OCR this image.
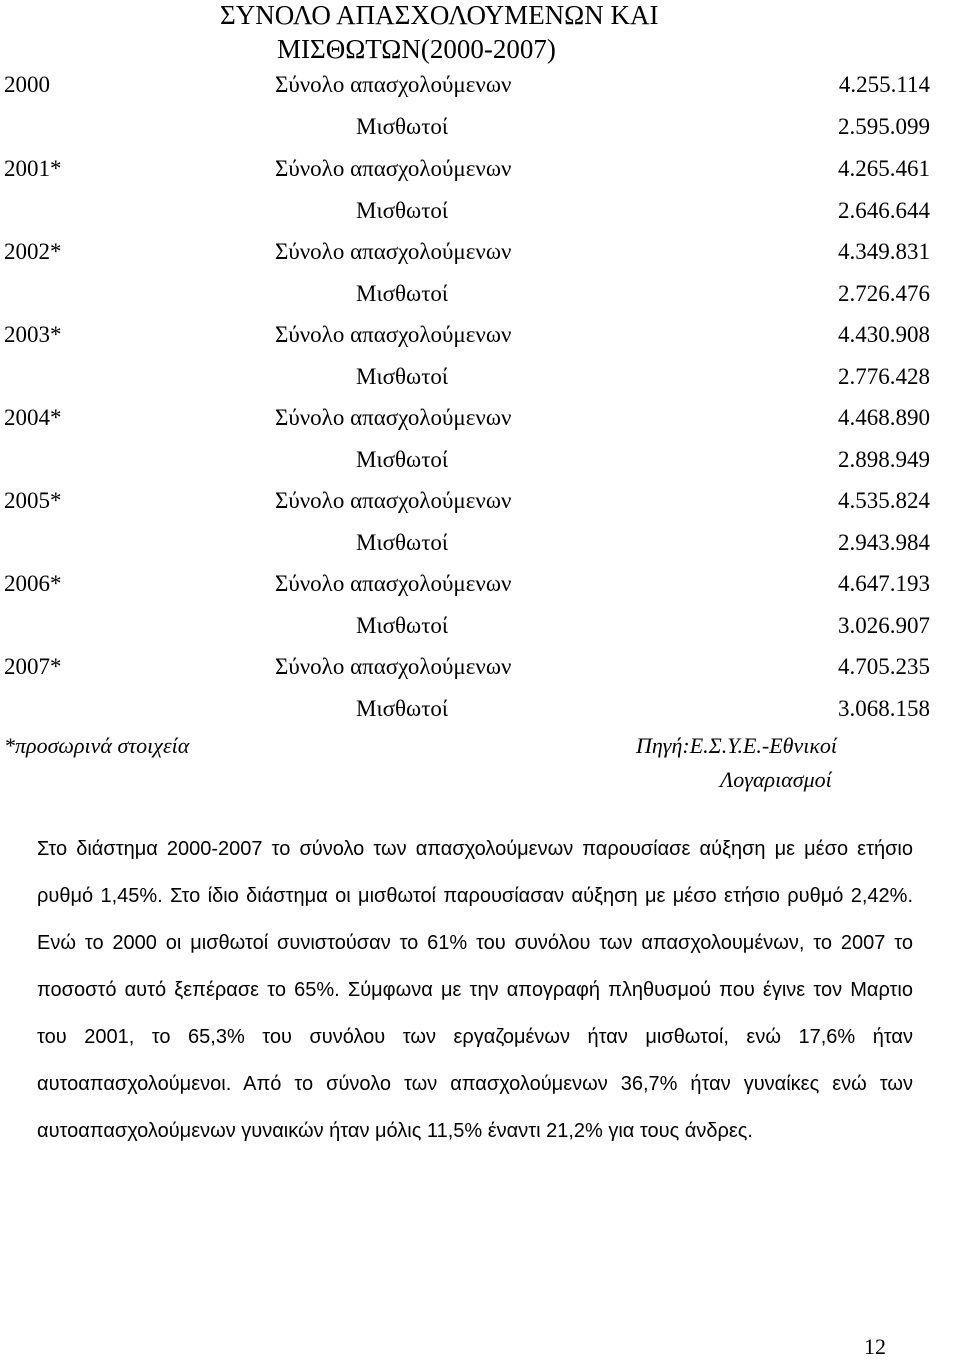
ΣΥΝΟΛΟ ΑΠΑΣΧΟΛΟΥΜΕΝΩΝ ΚΑΙ
ΜΙΣΘΩΤΩΝ(2000-2007)
2000	Σύνολο απασχολούμενων	4.255.114
Μισθωτοί	2.595.099
2001*	Σύνολο απασχολούμενων	4.265.461
Μισθωτοί	2.646.644
2002*	Σύνολο απασχολούμενων	4.349.831
Μισθωτοί	2.726.476
2003*	Σύνολο απασχολούμενων	4.430.908
Μισθωτοί	2.776.428
2004*	Σύνολο απασχολούμενων	4.468.890
Μισθωτοί	2.898.949
2005*	Σύνολο απασχολούμενων	4.535.824
Μισθωτοί	2.943.984
2006*	Σύνολο απασχολούμενων	4.647.193
Μισθωτοί	3.026.907
2007*	Σύνολο απασχολούμενων	4.705.235
Μισθωτοί	3.068.158
*προσωρινά στοιχεία	Πηγή:Ε.Σ.Υ.Ε.-Εθνικοί
Λογαριασμοί
Στο διάστημα 2000-2007 το σύνολο των απασχολούμενων παρουσίασε αύξηση με μέσο ετήσιο ρυθμό 1,45%. Στο ίδιο διάστημα οι μισθωτοί παρουσίασαν αύξηση με μέσο ετήσιο ρυθμό 2,42%. Ενώ το 2000 οι μισθωτοί συνιστούσαν το 61% του συνόλου των απασχολουμένων, το 2007 το ποσοστό αυτό ξεπέρασε το 65%. Σύμφωνα με την απογραφή πληθυσμού που έγινε τον Μαρτιο του 2001, το 65,3% του συνόλου των εργαζομένων ήταν μισθωτοί, ενώ 17,6% ήταν αυτοαπασχολούμενοι. Από το σύνολο των απασχολούμενων 36,7% ήταν γυναίκες ενώ των αυτοαπασχολούμενων γυναικών ήταν μόλις 11,5% έναντι 21,2% για τους άνδρες.
12
